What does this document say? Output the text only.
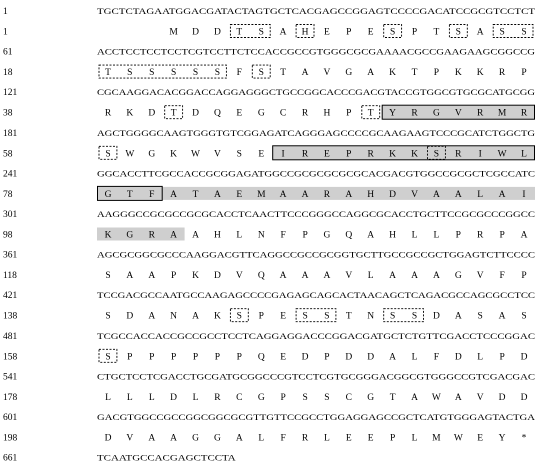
1	TGCTCTAGAATGGACGATACTAGTGCTCACGAGCCGGAGTCCCCGACATCCGCGTCCTCT
1	M D D T S A H E P E S P T S A S S
61	ACCTCCTCCTCCTCGTCCTTCTCCACCGCCGTGGGCGCGAAAACGCCGAAGAAGCGGCCG
18	T S S S S S F S T A V G A K T P K K R P
121	CGCAAGGACACGGACCAGGAGGGCTGCCGGCACCCGACGTACCGTGGCGTGCGCATGCGG
38	R K D T D Q E G C R H P T Y R G V R M R
181	AGCTGGGGCAAGTGGGTGTCGGAGATCAGGGAGCCCCGCAAGAAGTCCCGCATCTGGCTG
58	S W G K W V S E I R E P R K K S R I W L
241	GGCACCTTCGCCACCGCGGAGATGGCCGCGCGCGCGCACGACGTGGCCGCGCTCGCCATC
78	G T F A T A E M A A R A H D V A A L A I
301	AAGGGCCGCGCCGCGCACCTCAACTTCCCGGGCCAGGCGCACCTGCTTCCGCGCCCGGCC
98	K G R A A H L N F P G Q A H L L P R P A
361	AGCGCGGCGCCCAAGGACGTTCAGGCCGCCGCGGTGCTTGCCGCCGCTGGAGTCTTCCCC
118	S A A P K D V Q A A A V L A A A G V F P
421	TCCGACGCCAATGCCAAGAGCCCCGAGAGCAGCACTAACAGCTCAGACGCCAGCGCCTCC
138	S D A N A K S P E S S T N S S D A S A S
481	TCGCCACCACCGCCGCCTCCTCAGGAGGACCCGGACGATGCTCTGTTCGACCTCCCGGAC
158	S P P P P P P Q E D P D D A L F D L P D
541	CTGCTCCTCGACCTGCGATGCGGCCCGTCCTCGTGCGGGACGGCGTGGGCCGTCGACGAC
178	L L L D L R C G P S S C G T A W A V D D
601	GACGTGGCCGCCGGCGGCGCGTTGTTCCGCCTGGAGGAGCCGCTCATGTGGGAGTACTGA
198	D V A A G G A L F R L E E P L M W E Y *
661	TCAATGCCACGAGCTCCTA
